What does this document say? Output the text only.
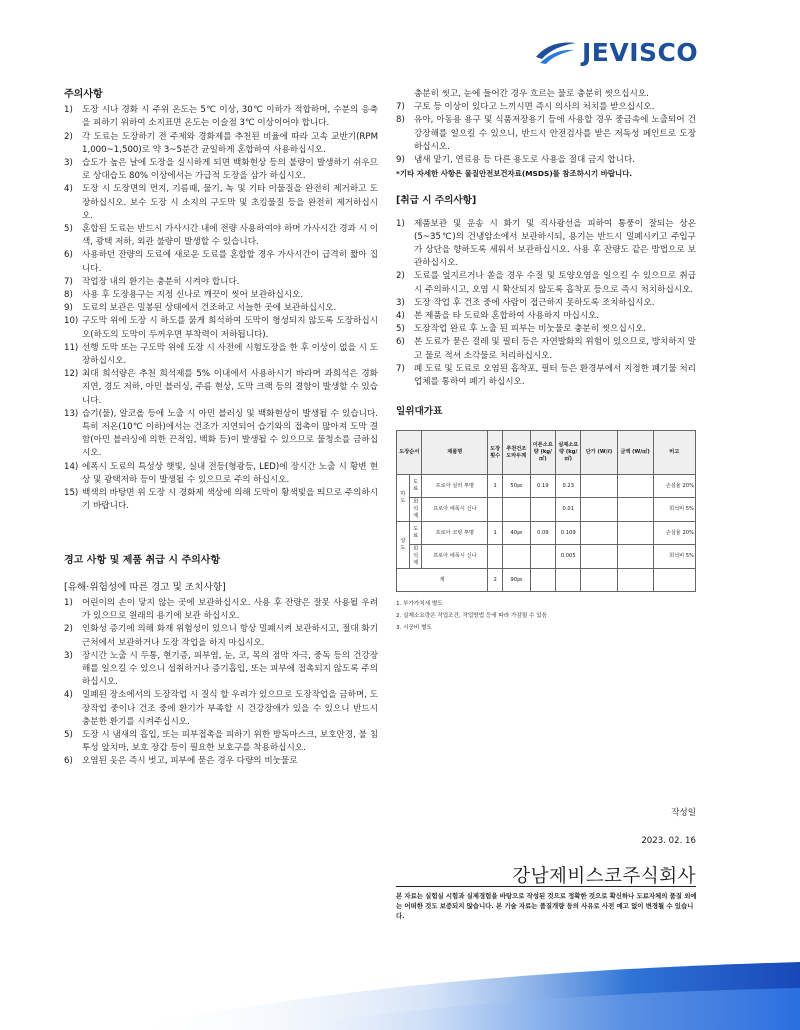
JEVISCO
주의사항
1)	도장 시나 경화 시 주위 온도는 5℃ 이상, 30℃ 이하가 적합하며, 수분의 응축을 피하기 위하여 소지표면 온도는 이슬점 3℃ 이상이어야 합니다.
2)	각 도료는 도장하기 전 주제와 경화제를 추천된 비율에 따라 고속 교반기(RPM 1,000~1,500)로 약 3~5분간 균일하게 혼합하여 사용하십시오.
3)	습도가 높은 날에 도장을 실시하게 되면 백화현상 등의 불량이 발생하기 쉬우므로 상대습도 80% 이상에서는 가급적 도장을 삼가 하십시오.
4)	도장 시 도장면의 먼지, 기름때, 물기, 녹 및 기타 이물질을 완전히 제거하고 도장하십시오. 보수 도장 시 소지의 구도막 및 초킹물질 등을 완전히 제거하십시오.
5)	혼합된 도료는 반드시 가사시간 내에 전량 사용하여야 하며 가사시간 경과 시 이색, 광택 저하, 외관 불량이 발생할 수 있습니다.
6)	사용하던 잔량의 도료에 새로운 도료를 혼합할 경우 가사시간이 급격히 짧아 집니다.
7)	작업장 내의 환기는 충분히 시켜야 합니다.
8)	사용 후 도장용구는 지정 신나로 깨끗이 씻어 보관하십시오.
9)	도료의 보관은 밀봉된 상태에서 건조하고 서늘한 곳에 보관하십시오.
10) 구도막 위에 도장 시 하도를 묽게 희석하여 도막이 형성되지 않도록 도장하십시오(하도의 도막이 두꺼우면 부착력이 저하됩니다).
11) 선행 도막 또는 구도막 위에 도장 시 사전에 시험도장을 한 후 이상이 없을 시 도장하십시오.
12) 최대 희석량은 추천 희석제를 5% 이내에서 사용하시기 바라며 과희석은 경화 지연, 경도 저하, 아민 블러싱, 주름 현상, 도막 크랙 등의 결함이 발생할 수 있습니다.
13) 습기(물), 알코올 등에 노출 시 아민 블러싱 및 백화현상이 발생될 수 있습니다. 특히 저온(10℃ 이하)에서는 건조가 지연되어 습기와의 접촉이 많아져 도막 결함(아민 블러싱에 의한 끈적임, 백화 등)이 발생될 수 있으므로 물청소를 금하십시오.
14) 에폭시 도료의 특성상 햇빛, 실내 전등(형광등, LED)에 장시간 노출 시 황변 현상 및 광택저하 등이 발생될 수 있으므로 주의 하십시오.
15) 백색의 바탕면 위 도장 시 경화제 색상에 의해 도막이 황색빛을 띄므로 주의하시기 바랍니다.
경고 사항 및 제품 취급 시 주의사항
[유해·위험성에 따른 경고 및 조치사항]
1)	어린이의 손이 닿지 않는 곳에 보관하십시오. 사용 후 잔량은 잘못 사용될 우려가 있으므로 원래의 용기에 보관 하십시오.
2)	인화성 증기에 의해 화재 위험성이 있으니 항상 밀폐시켜 보관하시고, 절대 화기 근처에서 보관하거나 도장 작업을 하지 마십시오.
3)	장시간 노출 시 두통, 현기증, 피부염, 눈, 코, 목의 점막 자극, 중독 등의 건강장해를 일으킬 수 있으니 섭취하거나 증기흡입, 또는 피부에 접촉되지 않도록 주의하십시오.
4)	밀폐된 장소에서의 도장작업 시 질식 할 우려가 있으므로 도장작업을 금하며, 도장작업 중이나 건조 중에 환기가 부족할 시 건강장애가 있을 수 있으니 반드시 충분한 환기를 시켜주십시오.
5)	도장 시 냄새의 흡입, 또는 피부접촉을 피하기 위한 방독마스크, 보호안경, 불 침투성 앞치마, 보호 장갑 등이 필요한 보호구를 착용하십시오.
6)	오염된 옷은 즉시 벗고, 피부에 묻은 경우 다량의 비눗물로
충분히 씻고, 눈에 들어간 경우 흐르는 물로 충분히 씻으십시오.
7)	구토 등 이상이 있다고 느끼시면 즉시 의사의 처치를 받으십시오.
8)	유아, 아동용 용구 및 식품저장용기 등에 사용할 경우 중금속에 노출되어 건강장해를 일으킬 수 있으니, 반드시 안전검사를 받은 저독성 페인트로 도장하십시오.
9)	냄새 맡기, 연료용 등 다른 용도로 사용을 절대 금지 합니다.
*기타 자세한 사항은 물질안전보건자료(MSDS)를 참조하시기 바랍니다.
[취급 시 주의사항]
1)	제품보관 및 운송 시 화기 및 직사광선을 피하여 통풍이 잘되는 상온(5~35℃)의 건냉암소에서 보관하시되, 용기는 반드시 밀폐시키고 주입구가 상단을 향하도록 세워서 보관하십시오. 사용 후 잔량도 같은 방법으로 보관하십시오.
2)	도료를 엎지르거나 쏟을 경우 수질 및 토양오염을 일으킬 수 있으므로 취급 시 주의하시고, 오염 시 확산되지 않도록 흡착포 등으로 즉시 처치하십시오.
3)	도장 작업 후 건조 중에 사람이 접근하지 못하도록 조치하십시오.
4)	본 제품을 타 도료와 혼합하여 사용하지 마십시오.
5)	도장작업 완료 후 노출 된 피부는 비눗물로 충분히 씻으십시오.
6)	본 도료가 묻은 걸레 및 필터 등은 자연발화의 위험이 있으므로, 방치하지 말고 물로 적셔 소각물로 처리하십시오.
7)	폐 도료 및 도료로 오염된 흡착포, 필터 등은 환경부에서 지정한 폐기물 처리업체를 통하여 폐기 하십시오.
일위대가표
도장순서		제품명	도장횟수	추천건조도막두께	이론소요량 (kg/㎡)	실제소요량 (kg/㎡)	단가 (W/ℓ)	금액 (W/㎡)	비고
하도	도료	프로아 실러 투명	1	50㎛	0.19	0.23			손실율 20%
	희석제	프로아 에폭시 신나				0.01			희석비 5%
상도	도료	프로아 코팅 투명	1	40㎛	0.09	0.109			손실율 20%
	희석제	프로아 에폭시 신나				0.005			희석비 5%
계			2	90㎛					
1. 부가가치세 별도
2. 실제소요량은 작업조건, 작업방법 등에 따라 가감될 수 있음
3. 시공비 별도
작성일
2023. 02. 16
강남제비스코주식회사
본 자료는 실험실 시험과 실제경험을 바탕으로 작성된 것으로 정확한 것으로 확신하나 도료자체의 품질 외에는 어떠한 것도 보증되지 않습니다. 본 기술 자료는 품질개량 등의 사유로 사전 예고 없이 변경될 수 있습니다.
